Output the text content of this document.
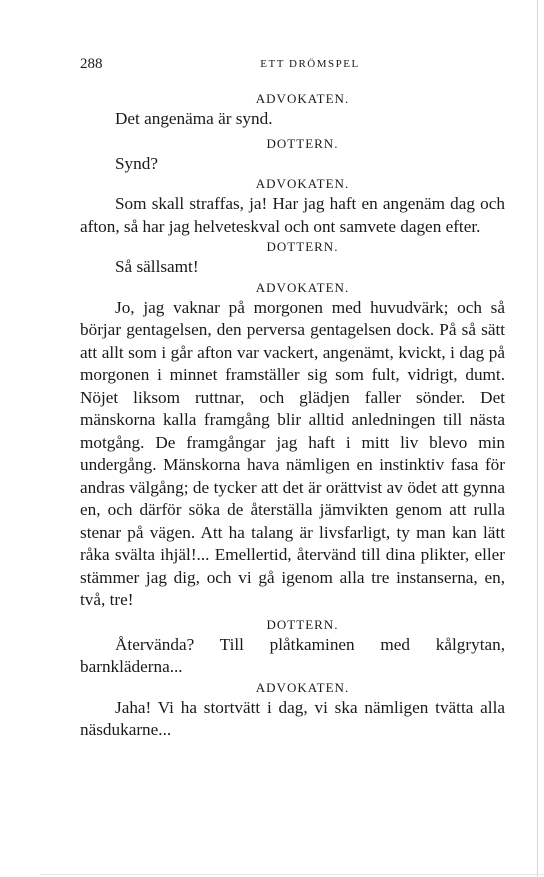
288	ETT DRÖMSPEL

ADVOKATEN.

Det angenäma är synd.

DOTTERN.

Synd?

ADVOKATEN.

Som skall straffas, ja! Har jag haft en angenäm dag och afton, så har jag helveteskval och ont samvete dagen efter.

DOTTERN.

Så sällsamt!

ADVOKATEN.

Jo, jag vaknar på morgonen med huvudvärk; och så börjar gentagelsen, den perversa gentagelsen dock. På så sätt att allt som i går afton var vackert, angenämt, kvickt, i dag på morgonen i minnet framställer sig som fult, vidrigt, dumt. Nöjet liksom ruttnar, och glädjen faller sönder. Det mänskorna kalla framgång blir alltid anledningen till nästa motgång. De framgångar jag haft i mitt liv blevo min undergång. Mänskorna hava nämligen en instinktiv fasa för andras välgång; de tycker att det är orättvist av ödet att gynna en, och därför söka de återställa jämvikten genom att rulla stenar på vägen. Att ha talang är livsfarligt, ty man kan lätt råka svälta ihjäl!... Emellertid, återvänd till dina plikter, eller stämmer jag dig, och vi gå igenom alla tre instanserna, en, två, tre!

DOTTERN.

Återvända? Till plåtkaminen med kålgrytan, barnkläderna...

ADVOKATEN.

Jaha! Vi ha stortvätt i dag, vi ska nämligen tvätta alla näsdukarne...
